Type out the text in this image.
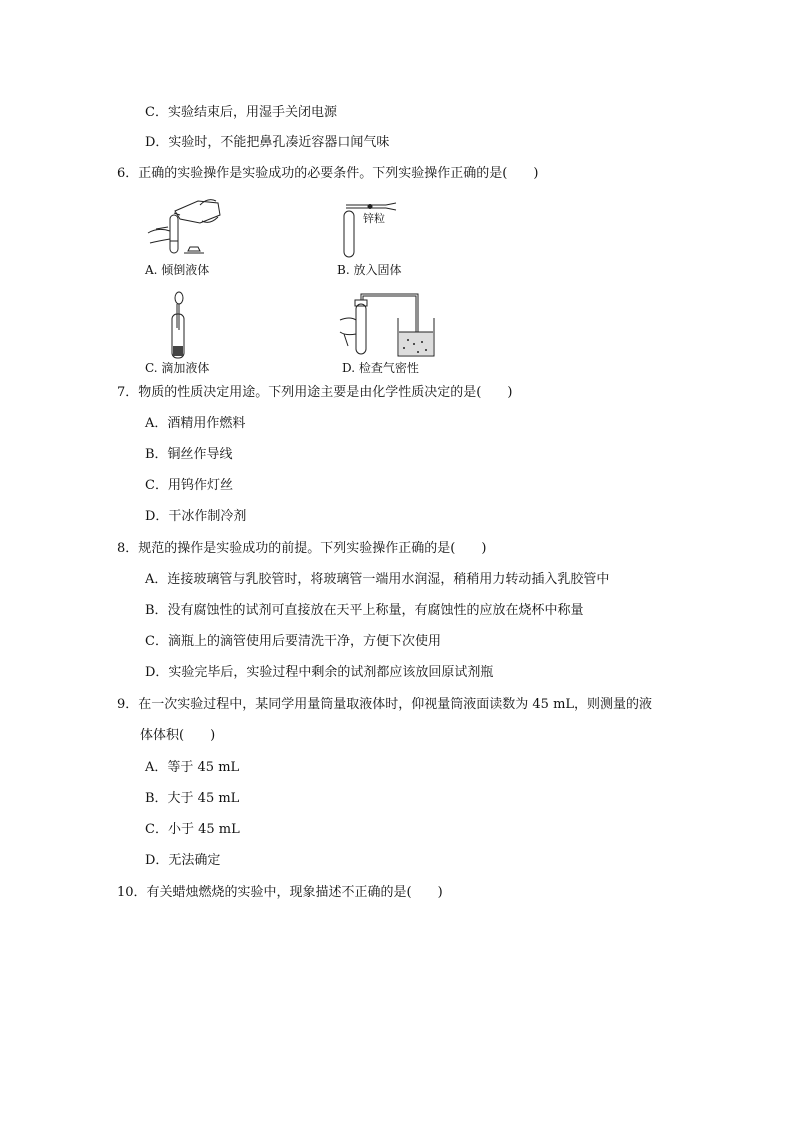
C．实验结束后，用湿手关闭电源
D．实验时，不能把鼻孔凑近容器口闻气味
6．正确的实验操作是实验成功的必要条件。下列实验操作正确的是(　　)
A. 倾倒液体
锌粒
B. 放入固体
C. 滴加液体	D. 检查气密性
7．物质的性质决定用途。下列用途主要是由化学性质决定的是(　　)
A．酒精用作燃料
B．铜丝作导线
C．用钨作灯丝
D．干冰作制冷剂
8．规范的操作是实验成功的前提。下列实验操作正确的是(　　)
A．连接玻璃管与乳胶管时，将玻璃管一端用水润湿，稍稍用力转动插入乳胶管中
B．没有腐蚀性的试剂可直接放在天平上称量，有腐蚀性的应放在烧杯中称量
C．滴瓶上的滴管使用后要清洗干净，方便下次使用
D．实验完毕后，实验过程中剩余的试剂都应该放回原试剂瓶
9．在一次实验过程中，某同学用量筒量取液体时，仰视量筒液面读数为 45 mL，则测量的液
体体积(　　)
A．等于 45 mL
B．大于 45 mL
C．小于 45 mL
D．无法确定
10．有关蜡烛燃烧的实验中，现象描述不正确的是(　　)
